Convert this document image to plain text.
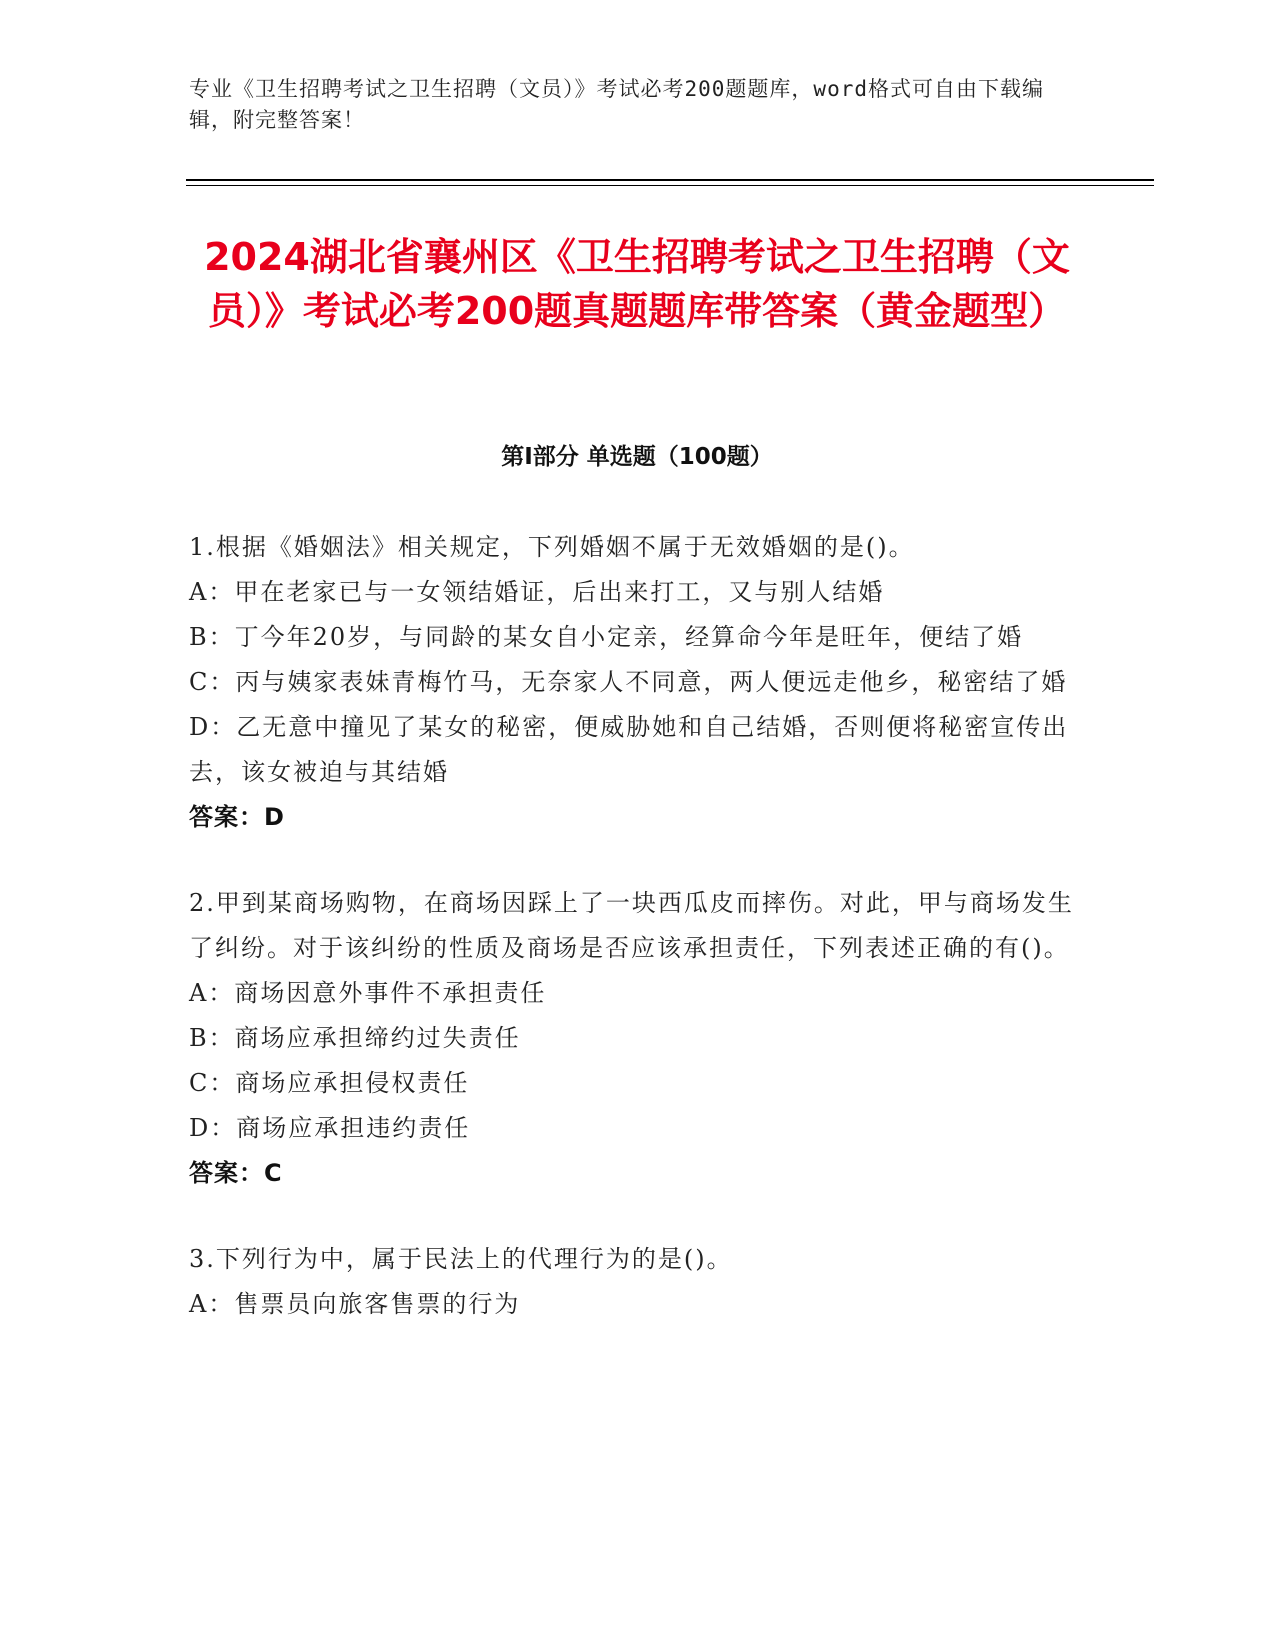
专业《卫生招聘考试之卫生招聘（文员）》考试必考200题题库，word格式可自由下载编辑，附完整答案！
2024湖北省襄州区《卫生招聘考试之卫生招聘（文员）》考试必考200题真题题库带答案（黄金题型）
第Ⅰ部分 单选题（100题）

1.根据《婚姻法》相关规定，下列婚姻不属于无效婚姻的是()。

A：甲在老家已与一女领结婚证，后出来打工，又与别人结婚

B：丁今年20岁，与同龄的某女自小定亲，经算命今年是旺年，便结了婚

C：丙与姨家表妹青梅竹马，无奈家人不同意，两人便远走他乡，秘密结了婚

D：乙无意中撞见了某女的秘密，便威胁她和自己结婚，否则便将秘密宣传出去，该女被迫与其结婚

答案：D

2.甲到某商场购物，在商场因踩上了一块西瓜皮而摔伤。对此，甲与商场发生了纠纷。对于该纠纷的性质及商场是否应该承担责任，下列表述正确的有()。

A：商场因意外事件不承担责任

B：商场应承担缔约过失责任

C：商场应承担侵权责任

D：商场应承担违约责任

答案：C

3.下列行为中，属于民法上的代理行为的是()。

A：售票员向旅客售票的行为
